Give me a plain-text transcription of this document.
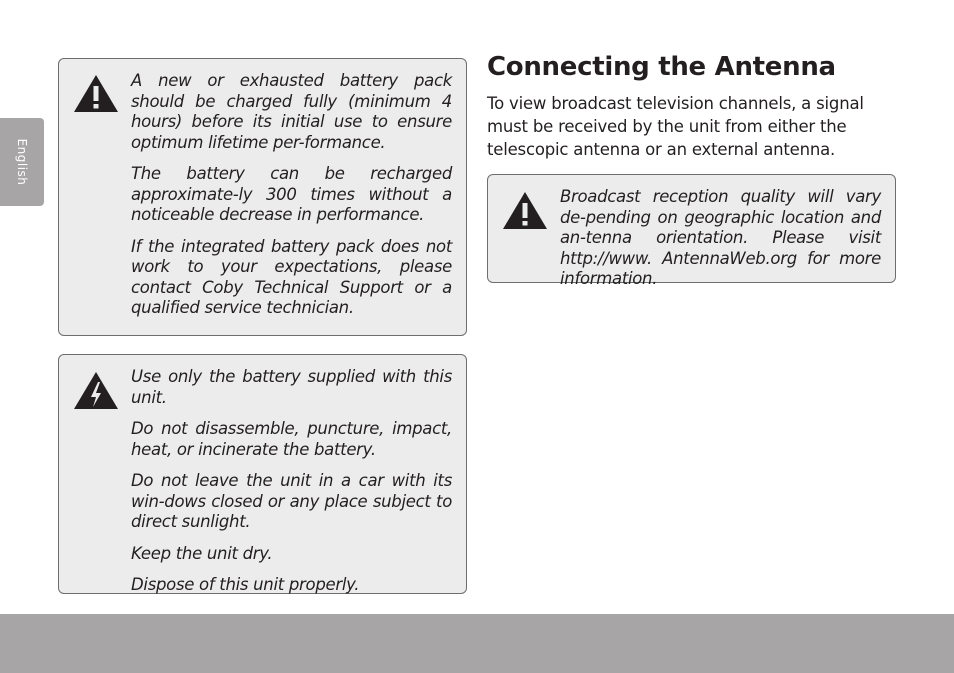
English

A new or exhausted battery pack should be charged fully (minimum 4 hours) before its initial use to ensure optimum lifetime per-formance.

The battery can be recharged approximate-ly 300 times without a noticeable decrease in performance.

If the integrated battery pack does not work to your expectations, please contact Coby Technical Support or a qualified service technician.

Use only the battery supplied with this unit.

Do not disassemble, puncture, impact, heat, or incinerate the battery.

Do not leave the unit in a car with its win-dows closed or any place subject to direct sunlight.

Keep the unit dry.

Dispose of this unit properly.

Connecting the Antenna

To view broadcast television channels, a signal must be received by the unit from either the telescopic antenna or an external antenna.

Broadcast reception quality will vary de-pending on geographic location and an-tenna orientation. Please visit http://www. AntennaWeb.org for more information.
